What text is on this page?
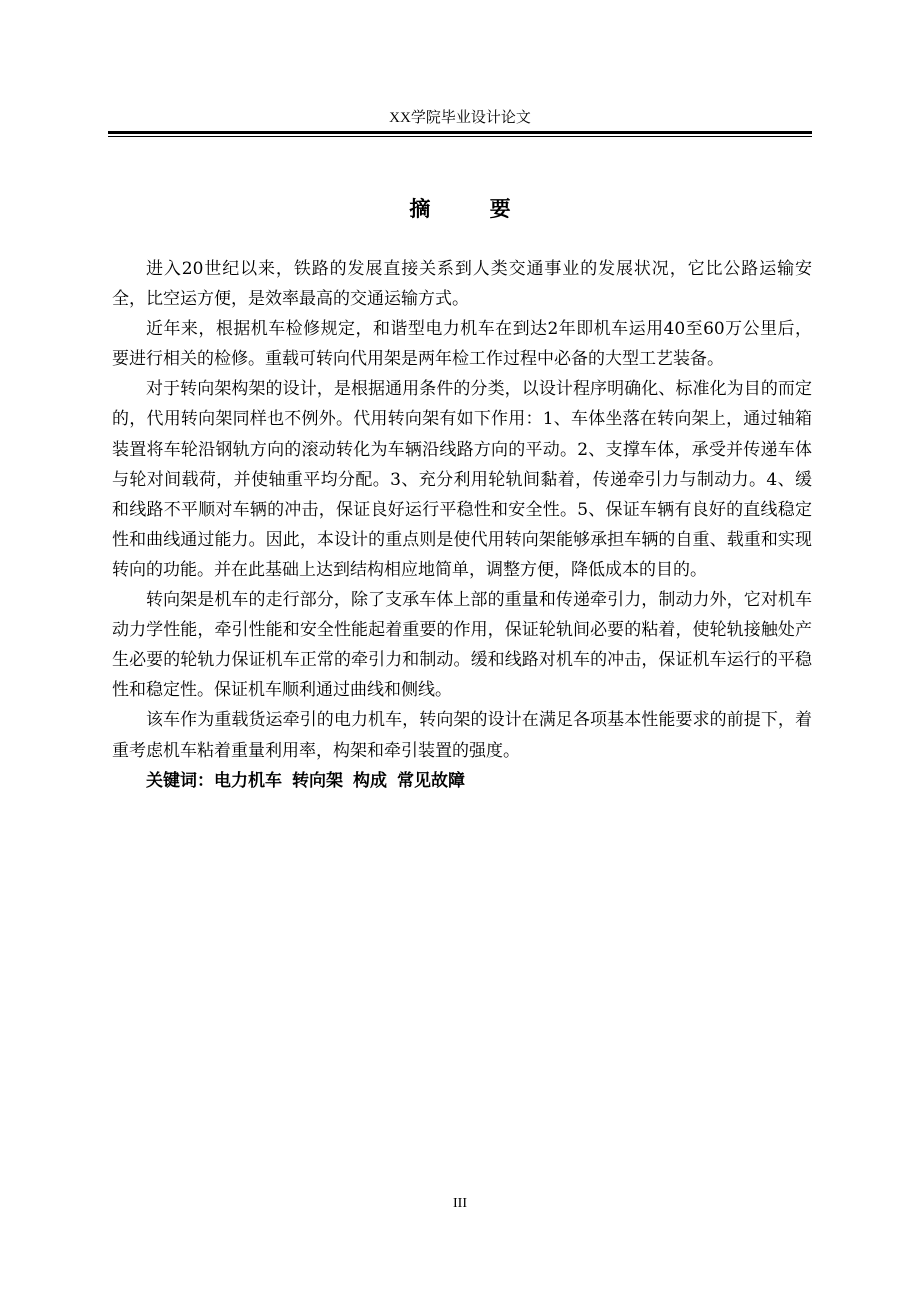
XX学院毕业设计论文
摘 要

进入20世纪以来，铁路的发展直接关系到人类交通事业的发展状况，它比公路运输安全，比空运方便，是效率最高的交通运输方式。

近年来，根据机车检修规定，和谐型电力机车在到达2年即机车运用40至60万公里后，要进行相关的检修。重载可转向代用架是两年检工作过程中必备的大型工艺装备。

对于转向架构架的设计，是根据通用条件的分类，以设计程序明确化、标准化为目的而定的，代用转向架同样也不例外。代用转向架有如下作用：1、车体坐落在转向架上，通过轴箱装置将车轮沿钢轨方向的滚动转化为车辆沿线路方向的平动。2、支撑车体，承受并传递车体与轮对间载荷，并使轴重平均分配。3、充分利用轮轨间黏着，传递牵引力与制动力。4、缓和线路不平顺对车辆的冲击，保证良好运行平稳性和安全性。5、保证车辆有良好的直线稳定性和曲线通过能力。因此，本设计的重点则是使代用转向架能够承担车辆的自重、载重和实现转向的功能。并在此基础上达到结构相应地简单，调整方便，降低成本的目的。

转向架是机车的走行部分，除了支承车体上部的重量和传递牵引力，制动力外，它对机车动力学性能，牵引性能和安全性能起着重要的作用，保证轮轨间必要的粘着，使轮轨接触处产生必要的轮轨力保证机车正常的牵引力和制动。缓和线路对机车的冲击，保证机车运行的平稳性和稳定性。保证机车顺利通过曲线和侧线。

该车作为重载货运牵引的电力机车，转向架的设计在满足各项基本性能要求的前提下，着重考虑机车粘着重量利用率，构架和牵引装置的强度。

关键词：电力机车 转向架 构成 常见故障

III
